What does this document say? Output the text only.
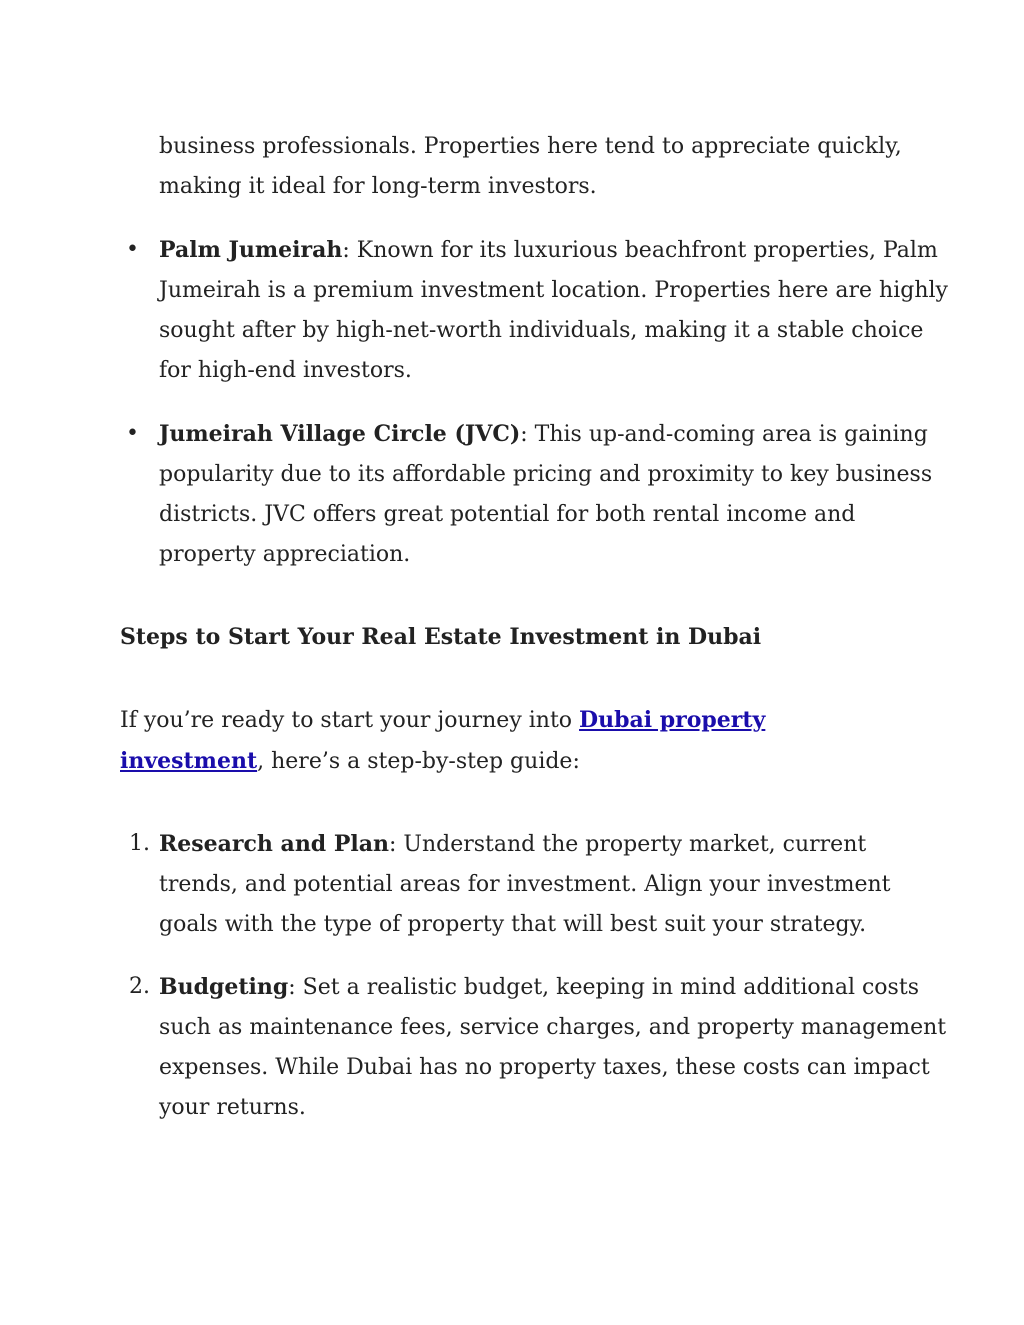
business professionals. Properties here tend to appreciate quickly, making it ideal for long-term investors.

• Palm Jumeirah: Known for its luxurious beachfront properties, Palm Jumeirah is a premium investment location. Properties here are highly sought after by high-net-worth individuals, making it a stable choice for high-end investors.

• Jumeirah Village Circle (JVC): This up-and-coming area is gaining popularity due to its affordable pricing and proximity to key business districts. JVC offers great potential for both rental income and property appreciation.

Steps to Start Your Real Estate Investment in Dubai

If you’re ready to start your journey into Dubai property investment, here’s a step-by-step guide:

1. Research and Plan: Understand the property market, current trends, and potential areas for investment. Align your investment goals with the type of property that will best suit your strategy.

2. Budgeting: Set a realistic budget, keeping in mind additional costs such as maintenance fees, service charges, and property management expenses. While Dubai has no property taxes, these costs can impact your returns.
